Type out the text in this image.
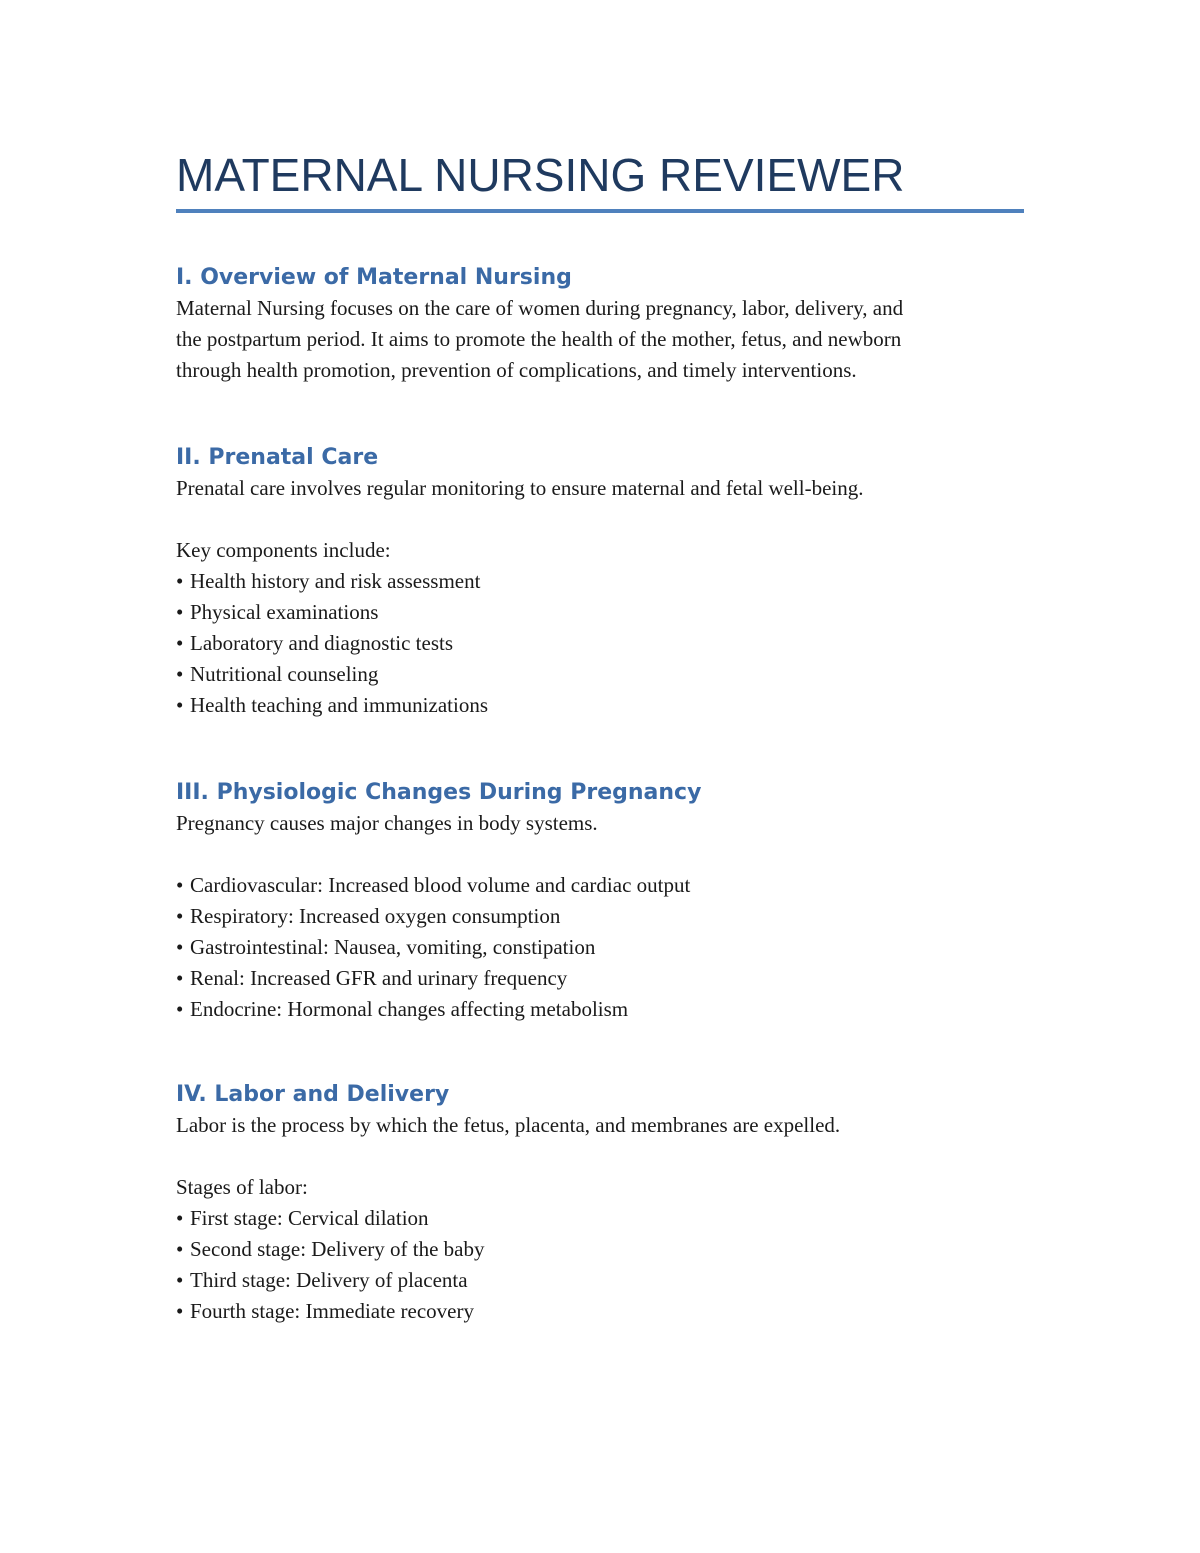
MATERNAL NURSING REVIEWER
I. Overview of Maternal Nursing

Maternal Nursing focuses on the care of women during pregnancy, labor, delivery, and

the postpartum period. It aims to promote the health of the mother, fetus, and newborn

through health promotion, prevention of complications, and timely interventions.

II. Prenatal Care

Prenatal care involves regular monitoring to ensure maternal and fetal well-being.

Key components include:

• Health history and risk assessment
• Physical examinations
• Laboratory and diagnostic tests
• Nutritional counseling
• Health teaching and immunizations
III. Physiologic Changes During Pregnancy

Pregnancy causes major changes in body systems.

• Cardiovascular: Increased blood volume and cardiac output
• Respiratory: Increased oxygen consumption
• Gastrointestinal: Nausea, vomiting, constipation
• Renal: Increased GFR and urinary frequency
• Endocrine: Hormonal changes affecting metabolism
IV. Labor and Delivery

Labor is the process by which the fetus, placenta, and membranes are expelled.

Stages of labor:

• First stage: Cervical dilation
• Second stage: Delivery of the baby
• Third stage: Delivery of placenta
• Fourth stage: Immediate recovery
